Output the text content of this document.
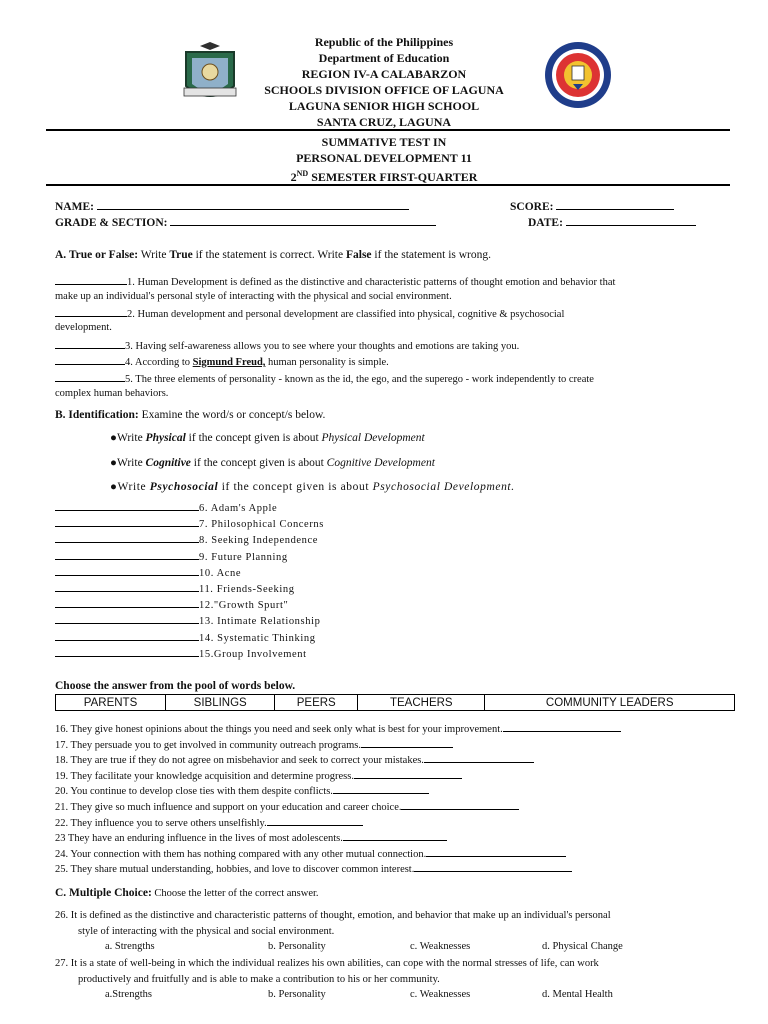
Republic of the Philippines
Department of Education
REGION IV-A CALABARZON
SCHOOLS DIVISION OFFICE OF LAGUNA
LAGUNA SENIOR HIGH SCHOOL
SANTA CRUZ, LAGUNA
SUMMATIVE TEST IN
PERSONAL DEVELOPMENT 11
2ND SEMESTER FIRST-QUARTER
NAME:	SCORE:
GRADE & SECTION:	DATE:
A. True or False: Write True if the statement is correct. Write False if the statement is wrong.
1. Human Development is defined as the distinctive and characteristic patterns of thought emotion and behavior that
make up an individual's personal style of interacting with the physical and social environment.
2. Human development and personal development are classified into physical, cognitive & psychosocial
development.
3. Having self-awareness allows you to see where your thoughts and emotions are taking you.
4. According to Sigmund Freud, human personality is simple.
5. The three elements of personality - known as the id, the ego, and the superego - work independently to create
complex human behaviors.
B. Identification: Examine the word/s or concept/s below.
●Write Physical if the concept given is about Physical Development
●Write Cognitive if the concept given is about Cognitive Development
●Write Psychosocial if the concept given is about Psychosocial Development.
6. Adam's Apple
7. Philosophical Concerns
8. Seeking Independence
9. Future Planning
10. Acne
11. Friends-Seeking
12."Growth Spurt"
13. Intimate Relationship
14. Systematic Thinking
15.Group Involvement
Choose the answer from the pool of words below.
PARENTS	SIBLINGS	PEERS	TEACHERS	COMMUNITY LEADERS
16. They give honest opinions about the things you need and seek only what is best for your improvement.
17. They persuade you to get involved in community outreach programs.
18. They are true if they do not agree on misbehavior and seek to correct your mistakes.
19. They facilitate your knowledge acquisition and determine progress.
20. You continue to develop close ties with them despite conflicts.
21. They give so much influence and support on your education and career choice.
22. They influence you to serve others unselfishly.
23 They have an enduring influence in the lives of most adolescents.
24. Your connection with them has nothing compared with any other mutual connection.
25. They share mutual understanding, hobbies, and love to discover common interest.
C. Multiple Choice: Choose the letter of the correct answer.
26. It is defined as the distinctive and characteristic patterns of thought, emotion, and behavior that make up an individual's personal
style of interacting with the physical and social environment.
a. Strengths	b. Personality	c. Weaknesses	d. Physical Change
27. It is a state of well-being in which the individual realizes his own abilities, can cope with the normal stresses of life, can work
productively and fruitfully and is able to make a contribution to his or her community.
a.Strengths	b. Personality	c. Weaknesses	d. Mental Health
